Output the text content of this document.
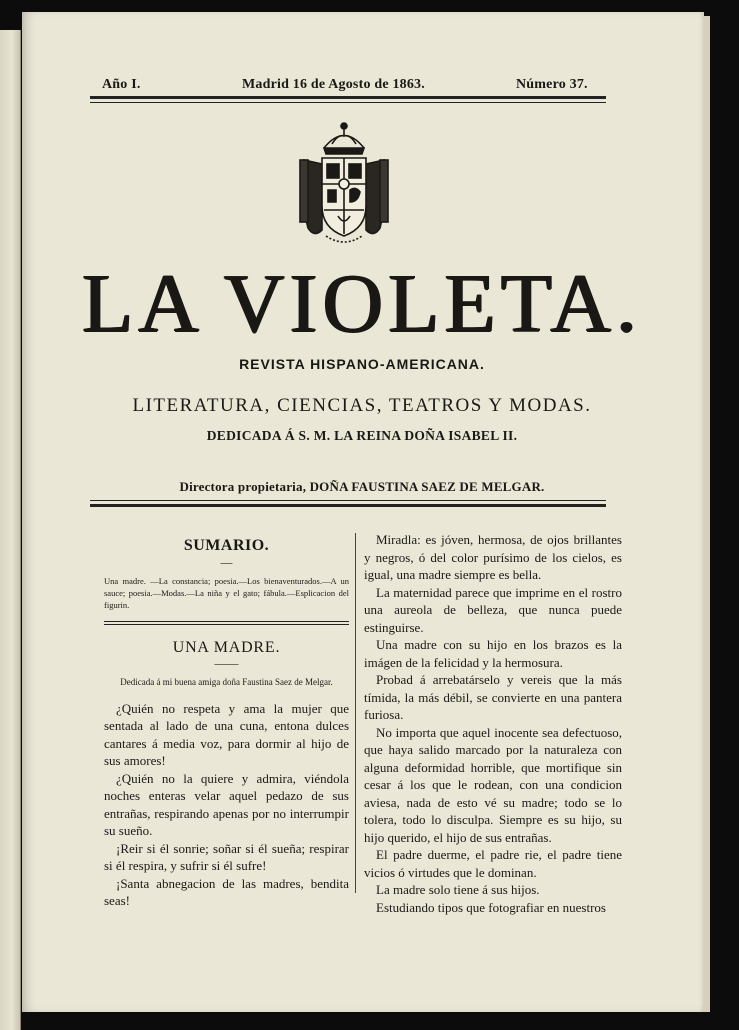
Año I.	Madrid 16 de Agosto de 1863.	Número 37.
LA VIOLETA.
REVISTA HISPANO-AMERICANA.
LITERATURA, CIENCIAS, TEATROS Y MODAS.
DEDICADA Á S. M. LA REINA DOÑA ISABEL II.
Directora propietaria, DOÑA FAUSTINA SAEZ DE MELGAR.
SUMARIO.
—
Una madre. —La constancia; poesia.—Los bienaventurados.—A un sauce; poesia.—Modas.—La niña y el gato; fábula.—Esplicacion del figurin.
UNA MADRE.
——
Dedicada á mi buena amiga doña Faustina Saez de Melgar.

¿Quién no respeta y ama la mujer que sentada al lado de una cuna, entona dulces cantares á media voz, para dormir al hijo de sus amores!

¿Quién no la quiere y admira, viéndola noches enteras velar aquel pedazo de sus entrañas, respirando apenas por no interrumpir su sueño.

¡Reir si él sonrie; soñar si él sueña; respirar si él respira, y sufrir si él sufre!

¡Santa abnegacion de las madres, bendita seas!

Miradla: es jóven, hermosa, de ojos brillantes y negros, ó del color purísimo de los cielos, es igual, una madre siempre es bella.

La maternidad parece que imprime en el rostro una aureola de belleza, que nunca puede estinguirse.

Una madre con su hijo en los brazos es la imágen de la felicidad y la hermosura.

Probad á arrebatárselo y vereis que la más tímida, la más débil, se convierte en una pantera furiosa.

No importa que aquel inocente sea defectuoso, que haya salido marcado por la naturaleza con alguna deformidad horrible, que mortifique sin cesar á los que le rodean, con una condicion aviesa, nada de esto vé su madre; todo se lo tolera, todo lo disculpa. Siempre es su hijo, su hijo querido, el hijo de sus entrañas.

El padre duerme, el padre rie, el padre tiene vicios ó virtudes que le dominan.

La madre solo tiene á sus hijos.

Estudiando tipos que fotografiar en nuestros
